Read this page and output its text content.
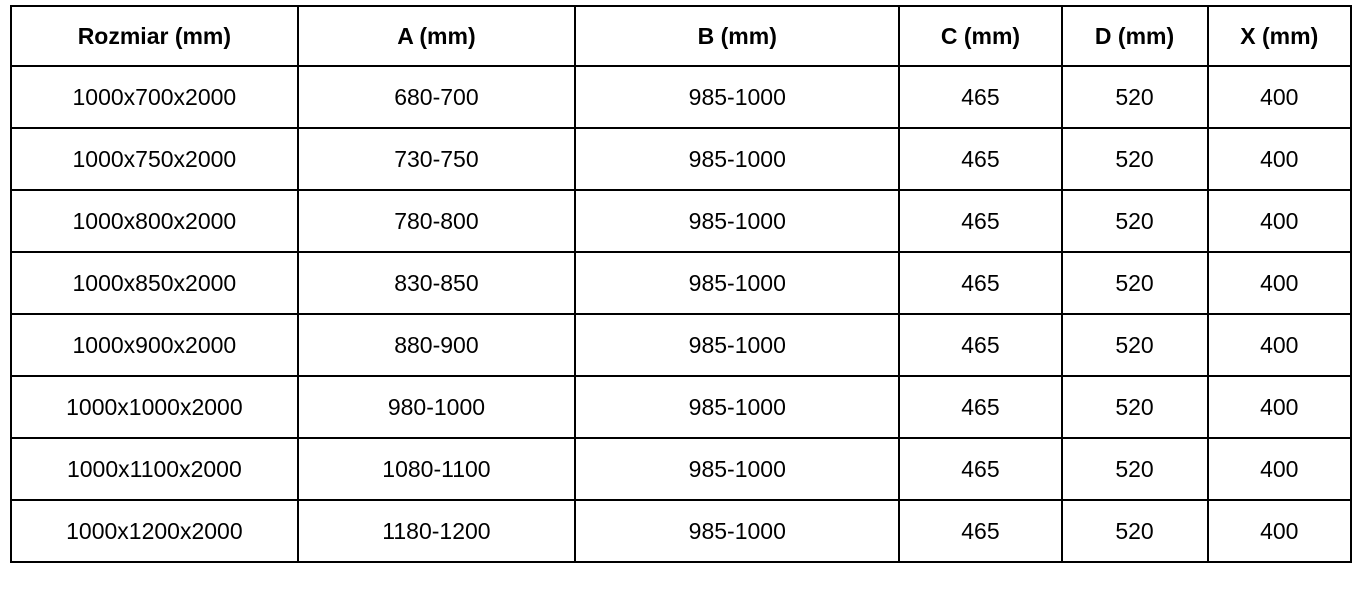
Rozmiar (mm)	A (mm)	B (mm)	C (mm)	D (mm)	X (mm)
1000x700x2000	680-700	985-1000	465	520	400
1000x750x2000	730-750	985-1000	465	520	400
1000x800x2000	780-800	985-1000	465	520	400
1000x850x2000	830-850	985-1000	465	520	400
1000x900x2000	880-900	985-1000	465	520	400
1000x1000x2000	980-1000	985-1000	465	520	400
1000x1100x2000	1080-1100	985-1000	465	520	400
1000x1200x2000	1180-1200	985-1000	465	520	400
